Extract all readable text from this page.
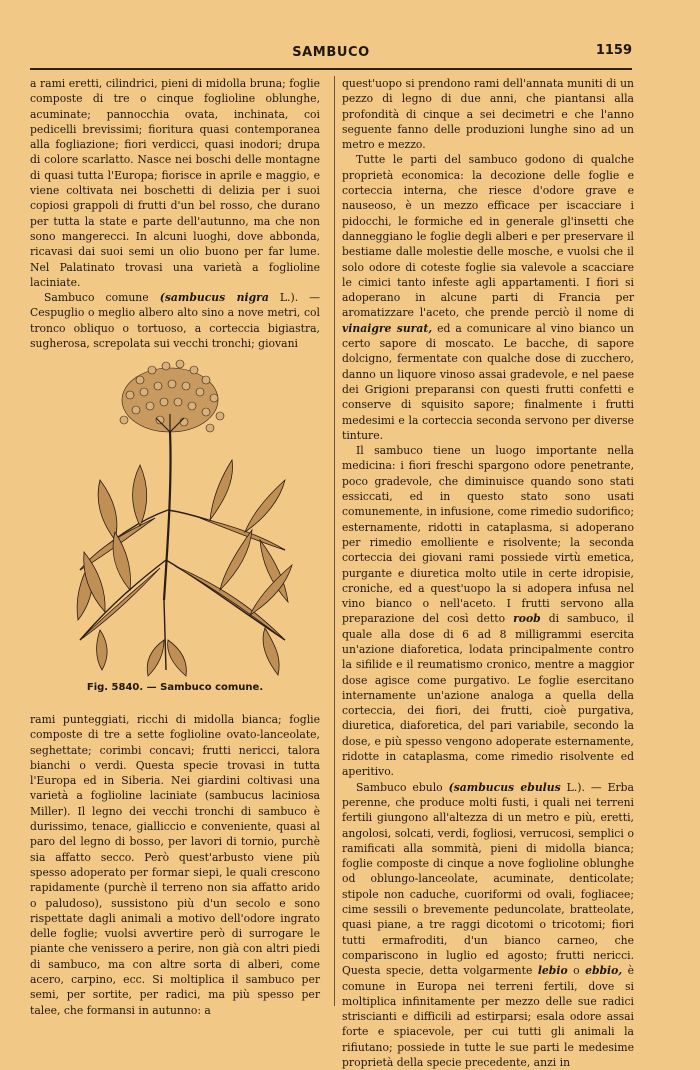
SAMBUCO	1159

a rami eretti, cilindrici, pieni di midolla bruna; foglie composte di tre o cinque foglioline oblunghe, acuminate; pannocchia ovata, inchinata, coi pedicelli brevissimi; fioritura quasi contemporanea alla fogliazione; fiori verdicci, quasi inodori; drupa di colore scarlatto. Nasce nei boschi delle montagne di quasi tutta l'Europa; fiorisce in aprile e maggio, e viene coltivata nei boschetti di delizia per i suoi copiosi grappoli di frutti d'un bel rosso, che durano per tutta la state e parte dell'autunno, ma che non sono mangerecci. In alcuni luoghi, dove abbonda, ricavasi dai suoi semi un olio buono per far lume. Nel Palatinato trovasi una varietà a foglioline laciniate.

Sambuco comune (sambucus nigra L.). — Cespuglio o meglio albero alto sino a nove metri, col tronco obliquo o tortuoso, a corteccia bigiastra, sugherosa, screpolata sui vecchi tronchi; giovani

Fig. 5840. — Sambuco comune.

rami punteggiati, ricchi di midolla bianca; foglie composte di tre a sette foglioline ovato-lanceolate, seghettate; corimbi concavi; frutti nericci, talora bianchi o verdi. Questa specie trovasi in tutta l'Europa ed in Siberia. Nei giardini coltivasi una varietà a foglioline laciniate (sambucus laciniosa Miller). Il legno dei vecchi tronchi di sambuco è durissimo, tenace, gialliccio e conveniente, quasi al paro del legno di bosso, per lavori di tornio, purchè sia affatto secco. Però quest'arbusto viene più spesso adoperato per formar siepi, le quali crescono rapidamente (purchè il terreno non sia affatto arido o paludoso), sussistono più d'un secolo e sono rispettate dagli animali a motivo dell'odore ingrato delle foglie; vuolsi avvertire però di surrogare le piante che venissero a perire, non già con altri piedi di sambuco, ma con altre sorta di alberi, come acero, carpino, ecc. Si moltiplica il sambuco per semi, per sortite, per radici, ma più spesso per talee, che formansi in autunno: a

quest'uopo si prendono rami dell'annata muniti di un pezzo di legno di due anni, che piantansi alla profondità di cinque a sei decimetri e che l'anno seguente fanno delle produzioni lunghe sino ad un metro e mezzo.

Tutte le parti del sambuco godono di qualche proprietà economica: la decozione delle foglie e corteccia interna, che riesce d'odore grave e nauseoso, è un mezzo efficace per iscacciare i pidocchi, le formiche ed in generale gl'insetti che danneggiano le foglie degli alberi e per preservare il bestiame dalle molestie delle mosche, e vuolsi che il solo odore di coteste foglie sia valevole a scacciare le cimici tanto infeste agli appartamenti. I fiori si adoperano in alcune parti di Francia per aromatizzare l'aceto, che prende perciò il nome di vinaigre surat, ed a comunicare al vino bianco un certo sapore di moscato. Le bacche, di sapore dolcigno, fermentate con qualche dose di zucchero, danno un liquore vinoso assai gradevole, e nel paese dei Grigioni preparansi con questi frutti confetti e conserve di squisito sapore; finalmente i frutti medesimi e la corteccia seconda servono per diverse tinture.

Il sambuco tiene un luogo importante nella medicina: i fiori freschi spargono odore penetrante, poco gradevole, che diminuisce quando sono stati essiccati, ed in questo stato sono usati comunemente, in infusione, come rimedio sudorifico; esternamente, ridotti in cataplasma, si adoperano per rimedio emolliente e risolvente; la seconda corteccia dei giovani rami possiede virtù emetica, purgante e diuretica molto utile in certe idropisie, croniche, ed a quest'uopo la si adopera infusa nel vino bianco o nell'aceto. I frutti servono alla preparazione del così detto roob di sambuco, il quale alla dose di 6 ad 8 milligrammi esercita un'azione diaforetica, lodata principalmente contro la sifilide e il reumatismo cronico, mentre a maggior dose agisce come purgativo. Le foglie esercitano internamente un'azione analoga a quella della corteccia, dei fiori, dei frutti, cioè purgativa, diuretica, diaforetica, del pari variabile, secondo la dose, e più spesso vengono adoperate esternamente, ridotte in cataplasma, come rimedio risolvente ed aperitivo.

Sambuco ebulo (sambucus ebulus L.). — Erba perenne, che produce molti fusti, i quali nei terreni fertili giungono all'altezza di un metro e più, eretti, angolosi, solcati, verdi, fogliosi, verrucosi, semplici o ramificati alla sommità, pieni di midolla bianca; foglie composte di cinque a nove foglioline oblunghe od oblungo-lanceolate, acuminate, denticolate; stipole non caduche, cuoriformi od ovali, fogliacee; cime sessili o brevemente peduncolate, bratteolate, quasi piane, a tre raggi dicotomi o tricotomi; fiori tutti ermafroditi, d'un bianco carneo, che compariscono in luglio ed agosto; frutti nericci. Questa specie, detta volgarmente lebio o ebbio, è comune in Europa nei terreni fertili, dove si moltiplica infinitamente per mezzo delle sue radici striscianti e difficili ad estirparsi; esala odore assai forte e spiacevole, per cui tutti gli animali la rifiutano; possiede in tutte le sue parti le medesime proprietà della specie precedente, anzi in
